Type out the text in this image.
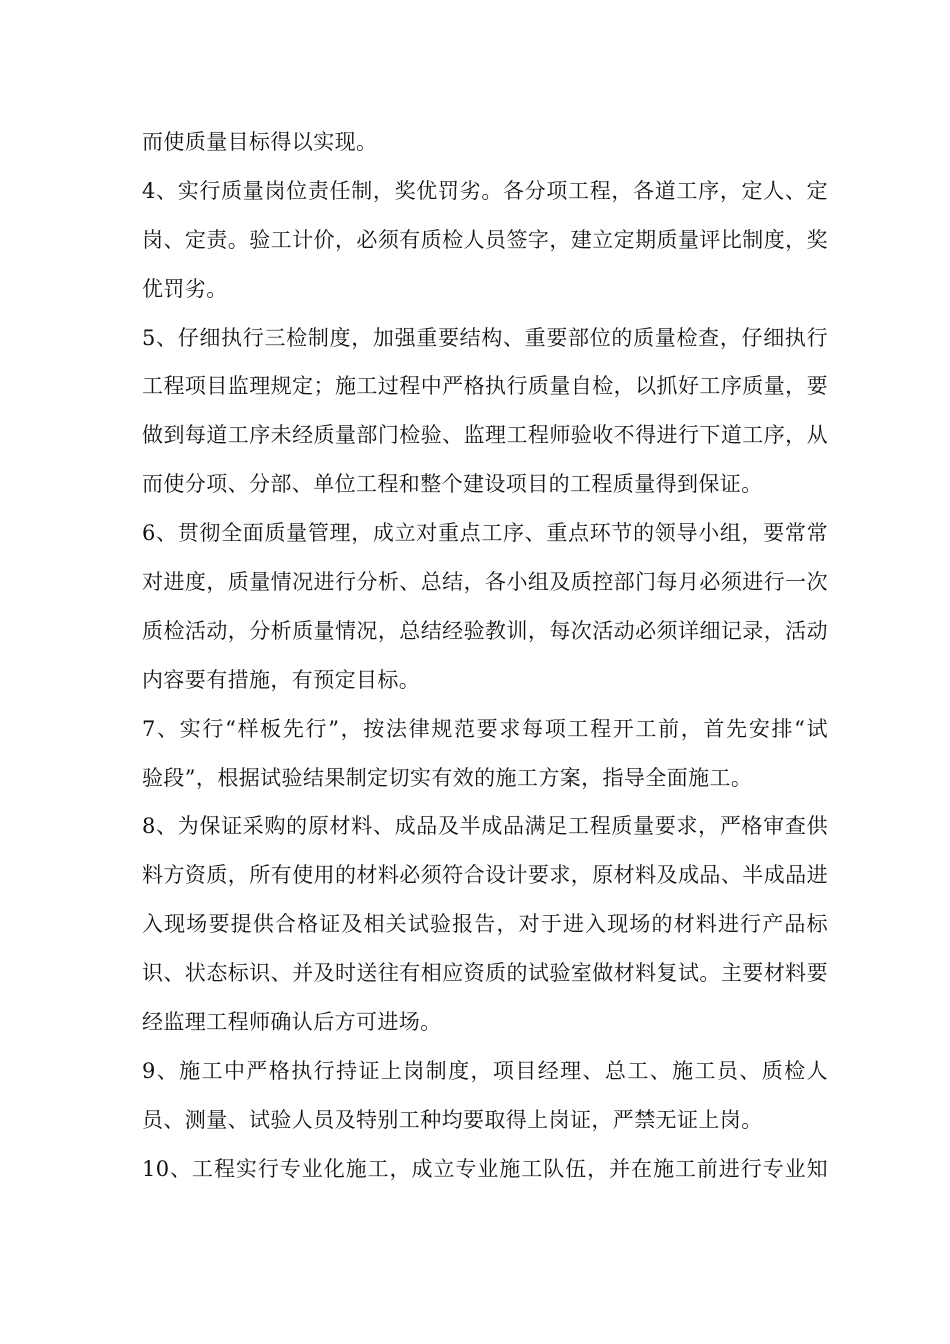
而使质量目标得以实现。
4、实行质量岗位责任制，奖优罚劣。各分项工程，各道工序，定人、定
岗、定责。验工计价，必须有质检人员签字，建立定期质量评比制度，奖
优罚劣。
5、仔细执行三检制度，加强重要结构、重要部位的质量检查，仔细执行
工程项目监理规定；施工过程中严格执行质量自检，以抓好工序质量，要
做到每道工序未经质量部门检验、监理工程师验收不得进行下道工序，从
而使分项、分部、单位工程和整个建设项目的工程质量得到保证。
6、贯彻全面质量管理，成立对重点工序、重点环节的领导小组，要常常
对进度，质量情况进行分析、总结，各小组及质控部门每月必须进行一次
质检活动，分析质量情况，总结经验教训，每次活动必须详细记录，活动
内容要有措施，有预定目标。
7、实行“样板先行”，按法律规范要求每项工程开工前，首先安排“试
验段”，根据试验结果制定切实有效的施工方案，指导全面施工。
8、为保证采购的原材料、成品及半成品满足工程质量要求，严格审查供
料方资质，所有使用的材料必须符合设计要求，原材料及成品、半成品进
入现场要提供合格证及相关试验报告，对于进入现场的材料进行产品标
识、状态标识、并及时送往有相应资质的试验室做材料复试。主要材料要
经监理工程师确认后方可进场。
9、施工中严格执行持证上岗制度，项目经理、总工、施工员、质检人
员、测量、试验人员及特别工种均要取得上岗证，严禁无证上岗。
10、工程实行专业化施工，成立专业施工队伍，并在施工前进行专业知
